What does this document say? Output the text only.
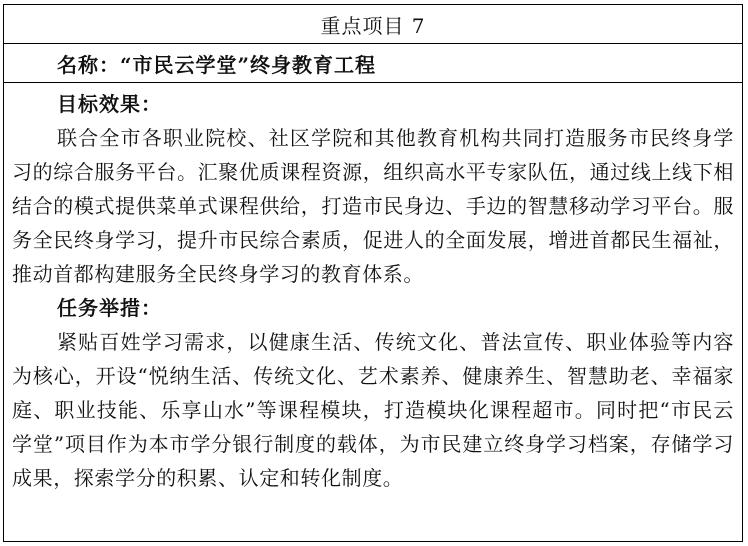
重点项目 7
名称：“市民云学堂”终身教育工程
目标效果：

联合全市各职业院校、社区学院和其他教育机构共同打造服务市民终身学习的综合服务平台。汇聚优质课程资源，组织高水平专家队伍，通过线上线下相结合的模式提供菜单式课程供给，打造市民身边、手边的智慧移动学习平台。服务全民终身学习，提升市民综合素质，促进人的全面发展，增进首都民生福祉，推动首都构建服务全民终身学习的教育体系。

任务举措：

紧贴百姓学习需求，以健康生活、传统文化、普法宣传、职业体验等内容为核心，开设“悦纳生活、传统文化、艺术素养、健康养生、智慧助老、幸福家庭、职业技能、乐享山水”等课程模块，打造模块化课程超市。同时把“市民云学堂”项目作为本市学分银行制度的载体，为市民建立终身学习档案，存储学习成果，探索学分的积累、认定和转化制度。
